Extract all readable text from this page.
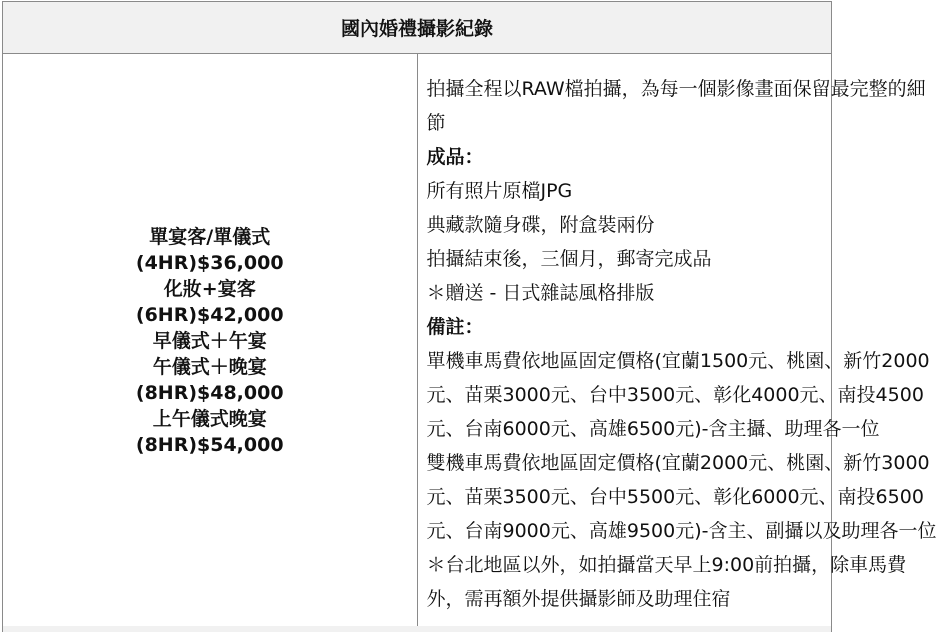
國內婚禮攝影紀錄

單宴客/單儀式
(4HR)$36,000
化妝+宴客
(6HR)$42,000
早儀式＋午宴
午儀式＋晚宴
(8HR)$48,000
上午儀式晚宴
(8HR)$54,000

拍攝全程以RAW檔拍攝，為每一個影像畫面保留最完整的細
節
成品：
所有照片原檔JPG
典藏款隨身碟，附盒裝兩份
拍攝結束後，三個月，郵寄完成品
＊贈送 - 日式雜誌風格排版
備註：
單機車馬費依地區固定價格(宜蘭1500元、桃園、新竹2000
元、苗栗3000元、台中3500元、彰化4000元、南投4500
元、台南6000元、高雄6500元)-含主攝、助理各一位
雙機車馬費依地區固定價格(宜蘭2000元、桃園、新竹3000
元、苗栗3500元、台中5500元、彰化6000元、南投6500
元、台南9000元、高雄9500元)-含主、副攝以及助理各一位
＊台北地區以外，如拍攝當天早上9:00前拍攝，除車馬費
外，需再額外提供攝影師及助理住宿
